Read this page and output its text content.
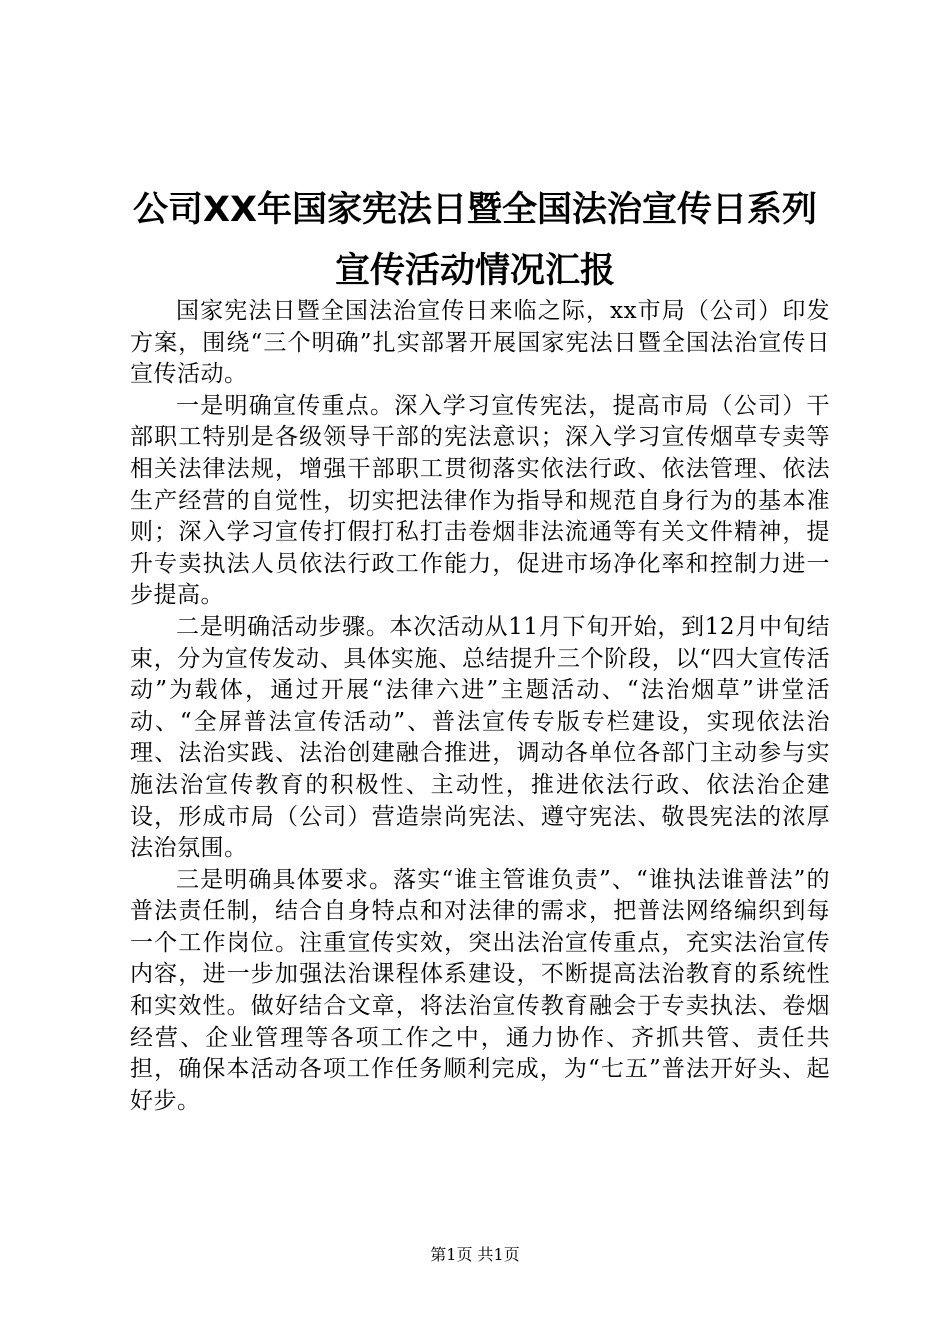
公司XX年国家宪法日暨全国法治宣传日系列
宣传活动情况汇报

国家宪法日暨全国法治宣传日来临之际，xx市局（公司）印发方案，围绕“三个明确”扎实部署开展国家宪法日暨全国法治宣传日宣传活动。

一是明确宣传重点。深入学习宣传宪法，提高市局（公司）干部职工特别是各级领导干部的宪法意识；深入学习宣传烟草专卖等相关法律法规，增强干部职工贯彻落实依法行政、依法管理、依法生产经营的自觉性，切实把法律作为指导和规范自身行为的基本准则；深入学习宣传打假打私打击卷烟非法流通等有关文件精神，提升专卖执法人员依法行政工作能力，促进市场净化率和控制力进一步提高。

二是明确活动步骤。本次活动从11月下旬开始，到12月中旬结束，分为宣传发动、具体实施、总结提升三个阶段，以“四大宣传活动”为载体，通过开展“法律六进”主题活动、“法治烟草”讲堂活动、“全屏普法宣传活动”、普法宣传专版专栏建设，实现依法治理、法治实践、法治创建融合推进，调动各单位各部门主动参与实施法治宣传教育的积极性、主动性，推进依法行政、依法治企建设，形成市局（公司）营造崇尚宪法、遵守宪法、敬畏宪法的浓厚法治氛围。

三是明确具体要求。落实“谁主管谁负责”、“谁执法谁普法”的普法责任制，结合自身特点和对法律的需求，把普法网络编织到每一个工作岗位。注重宣传实效，突出法治宣传重点，充实法治宣传内容，进一步加强法治课程体系建设，不断提高法治教育的系统性和实效性。做好结合文章，将法治宣传教育融会于专卖执法、卷烟经营、企业管理等各项工作之中，通力协作、齐抓共管、责任共担，确保本活动各项工作任务顺利完成，为“七五”普法开好头、起好步。

第1页 共1页
